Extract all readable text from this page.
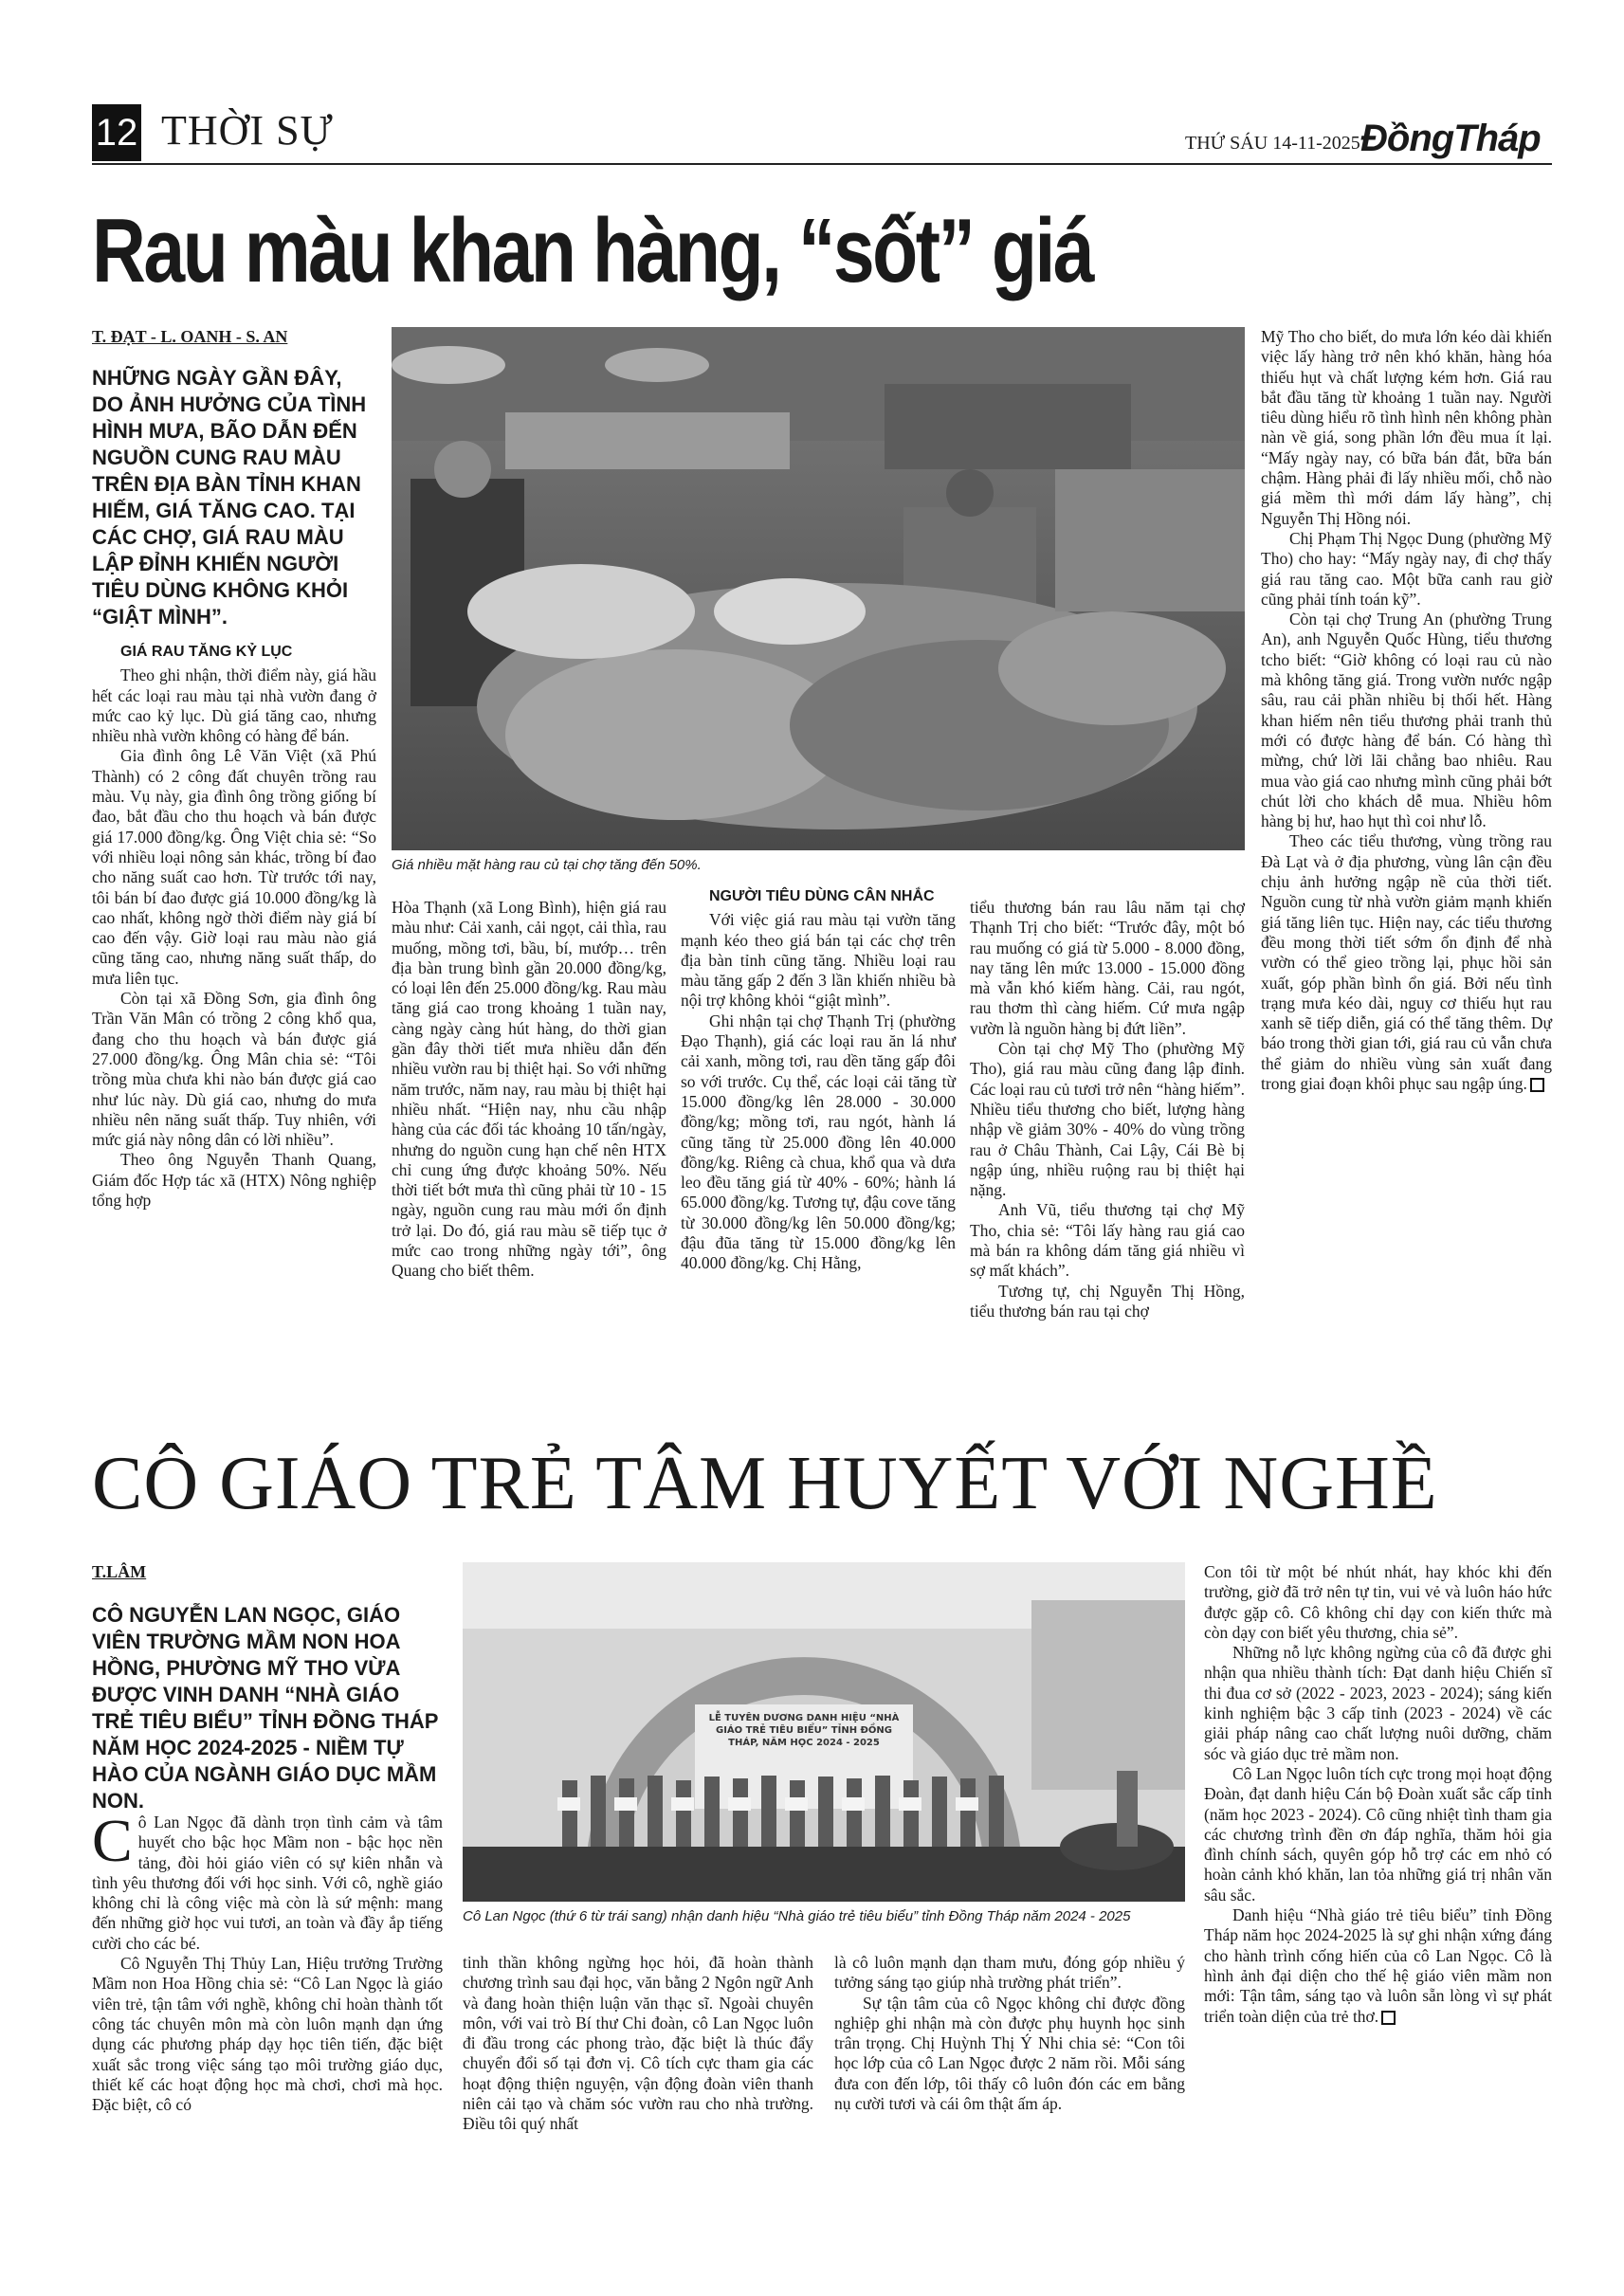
12 THỜI SỰ	THỨ SÁU 14-11-2025 ĐồngTháp
Rau màu khan hàng, “sốt” giá
T. ĐẠT - L. OANH - S. AN
NHỮNG NGÀY GẦN ĐÂY, DO ẢNH HƯỞNG CỦA TÌNH HÌNH MƯA, BÃO DẪN ĐẾN NGUỒN CUNG RAU MÀU TRÊN ĐỊA BÀN TỈNH KHAN HIẾM, GIÁ TĂNG CAO. TẠI CÁC CHỢ, GIÁ RAU MÀU LẬP ĐỈNH KHIẾN NGƯỜI TIÊU DÙNG KHÔNG KHỎI “GIẬT MÌNH”.
GIÁ RAU TĂNG KỶ LỤC

Theo ghi nhận, thời điểm này, giá hầu hết các loại rau màu tại nhà vườn đang ở mức cao kỷ lục. Dù giá tăng cao, nhưng nhiều nhà vườn không có hàng để bán.

Gia đình ông Lê Văn Việt (xã Phú Thành) có 2 công đất chuyên trồng rau màu. Vụ này, gia đình ông trồng giống bí đao, bắt đầu cho thu hoạch và bán được giá 17.000 đồng/kg. Ông Việt chia sẻ: “So với nhiều loại nông sản khác, trồng bí đao cho năng suất cao hơn. Từ trước tới nay, tôi bán bí đao được giá 10.000 đồng/kg là cao nhất, không ngờ thời điểm này giá bí cao đến vậy. Giờ loại rau màu nào giá cũng tăng cao, nhưng năng suất thấp, do mưa liên tục.

Còn tại xã Đồng Sơn, gia đình ông Trần Văn Mân có trồng 2 công khổ qua, đang cho thu hoạch và bán được giá 27.000 đồng/kg. Ông Mân chia sẻ: “Tôi trồng mùa chưa khi nào bán được giá cao như lúc này. Dù giá cao, nhưng do mưa nhiều nên năng suất thấp. Tuy nhiên, với mức giá này nông dân có lời nhiều”.

Theo ông Nguyễn Thanh Quang, Giám đốc Hợp tác xã (HTX) Nông nghiệp tổng hợp

Giá nhiều mặt hàng rau củ tại chợ tăng đến 50%.

Hòa Thạnh (xã Long Bình), hiện giá rau màu như: Cải xanh, cải ngọt, cải thìa, rau muống, mồng tơi, bầu, bí, mướp… trên địa bàn trung bình gần 20.000 đồng/kg, có loại lên đến 25.000 đồng/kg. Rau màu tăng giá cao trong khoảng 1 tuần nay, càng ngày càng hút hàng, do thời gian gần đây thời tiết mưa nhiều dẫn đến nhiều vườn rau bị thiệt hại. So với những năm trước, năm nay, rau màu bị thiệt hại nhiều nhất. “Hiện nay, nhu cầu nhập hàng của các đối tác khoảng 10 tấn/ngày, nhưng do nguồn cung hạn chế nên HTX chỉ cung ứng được khoảng 50%. Nếu thời tiết bớt mưa thì cũng phải từ 10 - 15 ngày, nguồn cung rau màu mới ổn định trở lại. Do đó, giá rau màu sẽ tiếp tục ở mức cao trong những ngày tới”, ông Quang cho biết thêm.

NGƯỜI TIÊU DÙNG CÂN NHẮC

Với việc giá rau màu tại vườn tăng mạnh kéo theo giá bán tại các chợ trên địa bàn tỉnh cũng tăng. Nhiều loại rau màu tăng gấp 2 đến 3 lần khiến nhiều bà nội trợ không khỏi “giật mình”.

Ghi nhận tại chợ Thạnh Trị (phường Đạo Thạnh), giá các loại rau ăn lá như cải xanh, mồng tơi, rau dền tăng gấp đôi so với trước. Cụ thể, các loại cải tăng từ 15.000 đồng/kg lên 28.000 - 30.000 đồng/kg; mồng tơi, rau ngót, hành lá cũng tăng từ 25.000 đồng lên 40.000 đồng/kg. Riêng cà chua, khổ qua và dưa leo đều tăng giá từ 40% - 60%; hành lá 65.000 đồng/kg. Tương tự, đậu cove tăng từ 30.000 đồng/kg lên 50.000 đồng/kg; đậu đũa tăng từ 15.000 đồng/kg lên 40.000 đồng/kg. Chị Hằng,

tiểu thương bán rau lâu năm tại chợ Thạnh Trị cho biết: “Trước đây, một bó rau muống có giá từ 5.000 - 8.000 đồng, nay tăng lên mức 13.000 - 15.000 đồng mà vẫn khó kiếm hàng. Cải, rau ngót, rau thơm thì càng hiếm. Cứ mưa ngập vườn là nguồn hàng bị đứt liền”.

Còn tại chợ Mỹ Tho (phường Mỹ Tho), giá rau màu cũng đang lập đỉnh. Các loại rau củ tươi trở nên “hàng hiếm”. Nhiều tiểu thương cho biết, lượng hàng nhập về giảm 30% - 40% do vùng trồng rau ở Châu Thành, Cai Lậy, Cái Bè bị ngập úng, nhiều ruộng rau bị thiệt hại nặng.

Anh Vũ, tiểu thương tại chợ Mỹ Tho, chia sẻ: “Tôi lấy hàng rau giá cao mà bán ra không dám tăng giá nhiều vì sợ mất khách”.

Tương tự, chị Nguyễn Thị Hồng, tiểu thương bán rau tại chợ

Mỹ Tho cho biết, do mưa lớn kéo dài khiến việc lấy hàng trở nên khó khăn, hàng hóa thiếu hụt và chất lượng kém hơn. Giá rau bắt đầu tăng từ khoảng 1 tuần nay. Người tiêu dùng hiểu rõ tình hình nên không phàn nàn về giá, song phần lớn đều mua ít lại. “Mấy ngày nay, có bữa bán đắt, bữa bán chậm. Hàng phải đi lấy nhiều mối, chỗ nào giá mềm thì mới dám lấy hàng”, chị Nguyễn Thị Hồng nói.

Chị Phạm Thị Ngọc Dung (phường Mỹ Tho) cho hay: “Mấy ngày nay, đi chợ thấy giá rau tăng cao. Một bữa canh rau giờ cũng phải tính toán kỹ”.

Còn tại chợ Trung An (phường Trung An), anh Nguyễn Quốc Hùng, tiểu thương tcho biết: “Giờ không có loại rau củ nào mà không tăng giá. Trong vườn nước ngập sâu, rau cải phần nhiều bị thối hết. Hàng khan hiếm nên tiểu thương phải tranh thủ mới có được hàng để bán. Có hàng thì mừng, chứ lời lãi chẳng bao nhiêu. Rau mua vào giá cao nhưng mình cũng phải bớt chút lời cho khách dễ mua. Nhiều hôm hàng bị hư, hao hụt thì coi như lỗ.

Theo các tiểu thương, vùng trồng rau Đà Lạt và ở địa phương, vùng lân cận đều chịu ảnh hưởng ngập nề của thời tiết. Nguồn cung từ nhà vườn giảm mạnh khiến giá tăng liên tục. Hiện nay, các tiểu thương đều mong thời tiết sớm ổn định để nhà vườn có thể gieo trồng lại, phục hồi sản xuất, góp phần bình ổn giá. Bởi nếu tình trạng mưa kéo dài, nguy cơ thiếu hụt rau xanh sẽ tiếp diễn, giá có thể tăng thêm. Dự báo trong thời gian tới, giá rau củ vẫn chưa thể giảm do nhiều vùng sản xuất đang trong giai đoạn khôi phục sau ngập úng.

CÔ GIÁO TRẺ TÂM HUYẾT VỚI NGHỀ
T.LÂM
CÔ NGUYỄN LAN NGỌC, GIÁO VIÊN TRƯỜNG MẦM NON HOA HỒNG, PHƯỜNG MỸ THO VỪA ĐƯỢC VINH DANH “NHÀ GIÁO TRẺ TIÊU BIỂU” TỈNH ĐỒNG THÁP NĂM HỌC 2024-2025 - NIỀM TỰ HÀO CỦA NGÀNH GIÁO DỤC MẦM NON.

Cô Lan Ngọc đã dành trọn tình cảm và tâm huyết cho bậc học Mầm non - bậc học nền tảng, đòi hỏi giáo viên có sự kiên nhẫn và tình yêu thương đối với học sinh. Với cô, nghề giáo không chỉ là công việc mà còn là sứ mệnh: mang đến những giờ học vui tươi, an toàn và đầy ắp tiếng cười cho các bé.

Cô Nguyễn Thị Thủy Lan, Hiệu trưởng Trường Mầm non Hoa Hồng chia sẻ: “Cô Lan Ngọc là giáo viên trẻ, tận tâm với nghề, không chỉ hoàn thành tốt công tác chuyên môn mà còn luôn mạnh dạn ứng dụng các phương pháp dạy học tiên tiến, đặc biệt xuất sắc trong việc sáng tạo môi trường giáo dục, thiết kế các hoạt động học mà chơi, chơi mà học. Đặc biệt, cô có

LỄ TUYÊN DƯƠNG DANH HIỆU “NHÀ GIÁO TRẺ TIÊU BIỂU” TỈNH ĐỒNG THÁP, NĂM HỌC 2024 - 2025
Cô Lan Ngọc (thứ 6 từ trái sang) nhận danh hiệu “Nhà giáo trẻ tiêu biểu” tỉnh Đồng Tháp năm 2024 - 2025

tinh thần không ngừng học hỏi, đã hoàn thành chương trình sau đại học, văn bằng 2 Ngôn ngữ Anh và đang hoàn thiện luận văn thạc sĩ. Ngoài chuyên môn, với vai trò Bí thư Chi đoàn, cô Lan Ngọc luôn đi đầu trong các phong trào, đặc biệt là thúc đẩy chuyển đổi số tại đơn vị. Cô tích cực tham gia các hoạt động thiện nguyện, vận động đoàn viên thanh niên cải tạo và chăm sóc vườn rau cho nhà trường. Điều tôi quý nhất

là cô luôn mạnh dạn tham mưu, đóng góp nhiều ý tưởng sáng tạo giúp nhà trường phát triển”.

Sự tận tâm của cô Ngọc không chỉ được đồng nghiệp ghi nhận mà còn được phụ huynh học sinh trân trọng. Chị Huỳnh Thị Ý Nhi chia sẻ: “Con tôi học lớp của cô Lan Ngọc được 2 năm rồi. Mỗi sáng đưa con đến lớp, tôi thấy cô luôn đón các em bằng nụ cười tươi và cái ôm thật ấm áp.

Con tôi từ một bé nhút nhát, hay khóc khi đến trường, giờ đã trở nên tự tin, vui vẻ và luôn háo hức được gặp cô. Cô không chỉ dạy con kiến thức mà còn dạy con biết yêu thương, chia sẻ”.

Những nỗ lực không ngừng của cô đã được ghi nhận qua nhiều thành tích: Đạt danh hiệu Chiến sĩ thi đua cơ sở (2022 - 2023, 2023 - 2024); sáng kiến kinh nghiệm bậc 3 cấp tỉnh (2023 - 2024) về các giải pháp nâng cao chất lượng nuôi dưỡng, chăm sóc và giáo dục trẻ mầm non.

Cô Lan Ngọc luôn tích cực trong mọi hoạt động Đoàn, đạt danh hiệu Cán bộ Đoàn xuất sắc cấp tỉnh (năm học 2023 - 2024). Cô cũng nhiệt tình tham gia các chương trình đền ơn đáp nghĩa, thăm hỏi gia đình chính sách, quyên góp hỗ trợ các em nhỏ có hoàn cảnh khó khăn, lan tỏa những giá trị nhân văn sâu sắc.

Danh hiệu “Nhà giáo trẻ tiêu biểu” tỉnh Đồng Tháp năm học 2024-2025 là sự ghi nhận xứng đáng cho hành trình cống hiến của cô Lan Ngọc. Cô là hình ảnh đại diện cho thế hệ giáo viên mầm non mới: Tận tâm, sáng tạo và luôn sẵn lòng vì sự phát triển toàn diện của trẻ thơ.
